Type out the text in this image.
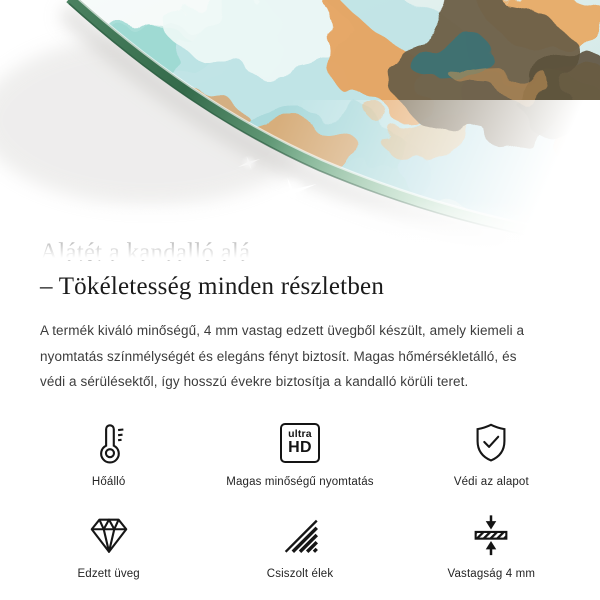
– Tökéletesség minden részletben

A termék kiváló minőségű, 4 mm vastag edzett üvegből készült, amely kiemeli a nyomtatás színmélységét és elegáns fényt biztosít. Magas hőmérsékletálló, és védi a sérülésektől, így hosszú évekre biztosítja a kandalló körüli teret.

Hőálló
ultra
HD
Magas minőségű nyomtatás	Védi az alapot
Edzett üveg	Csiszolt élek	Vastagság 4 mm
